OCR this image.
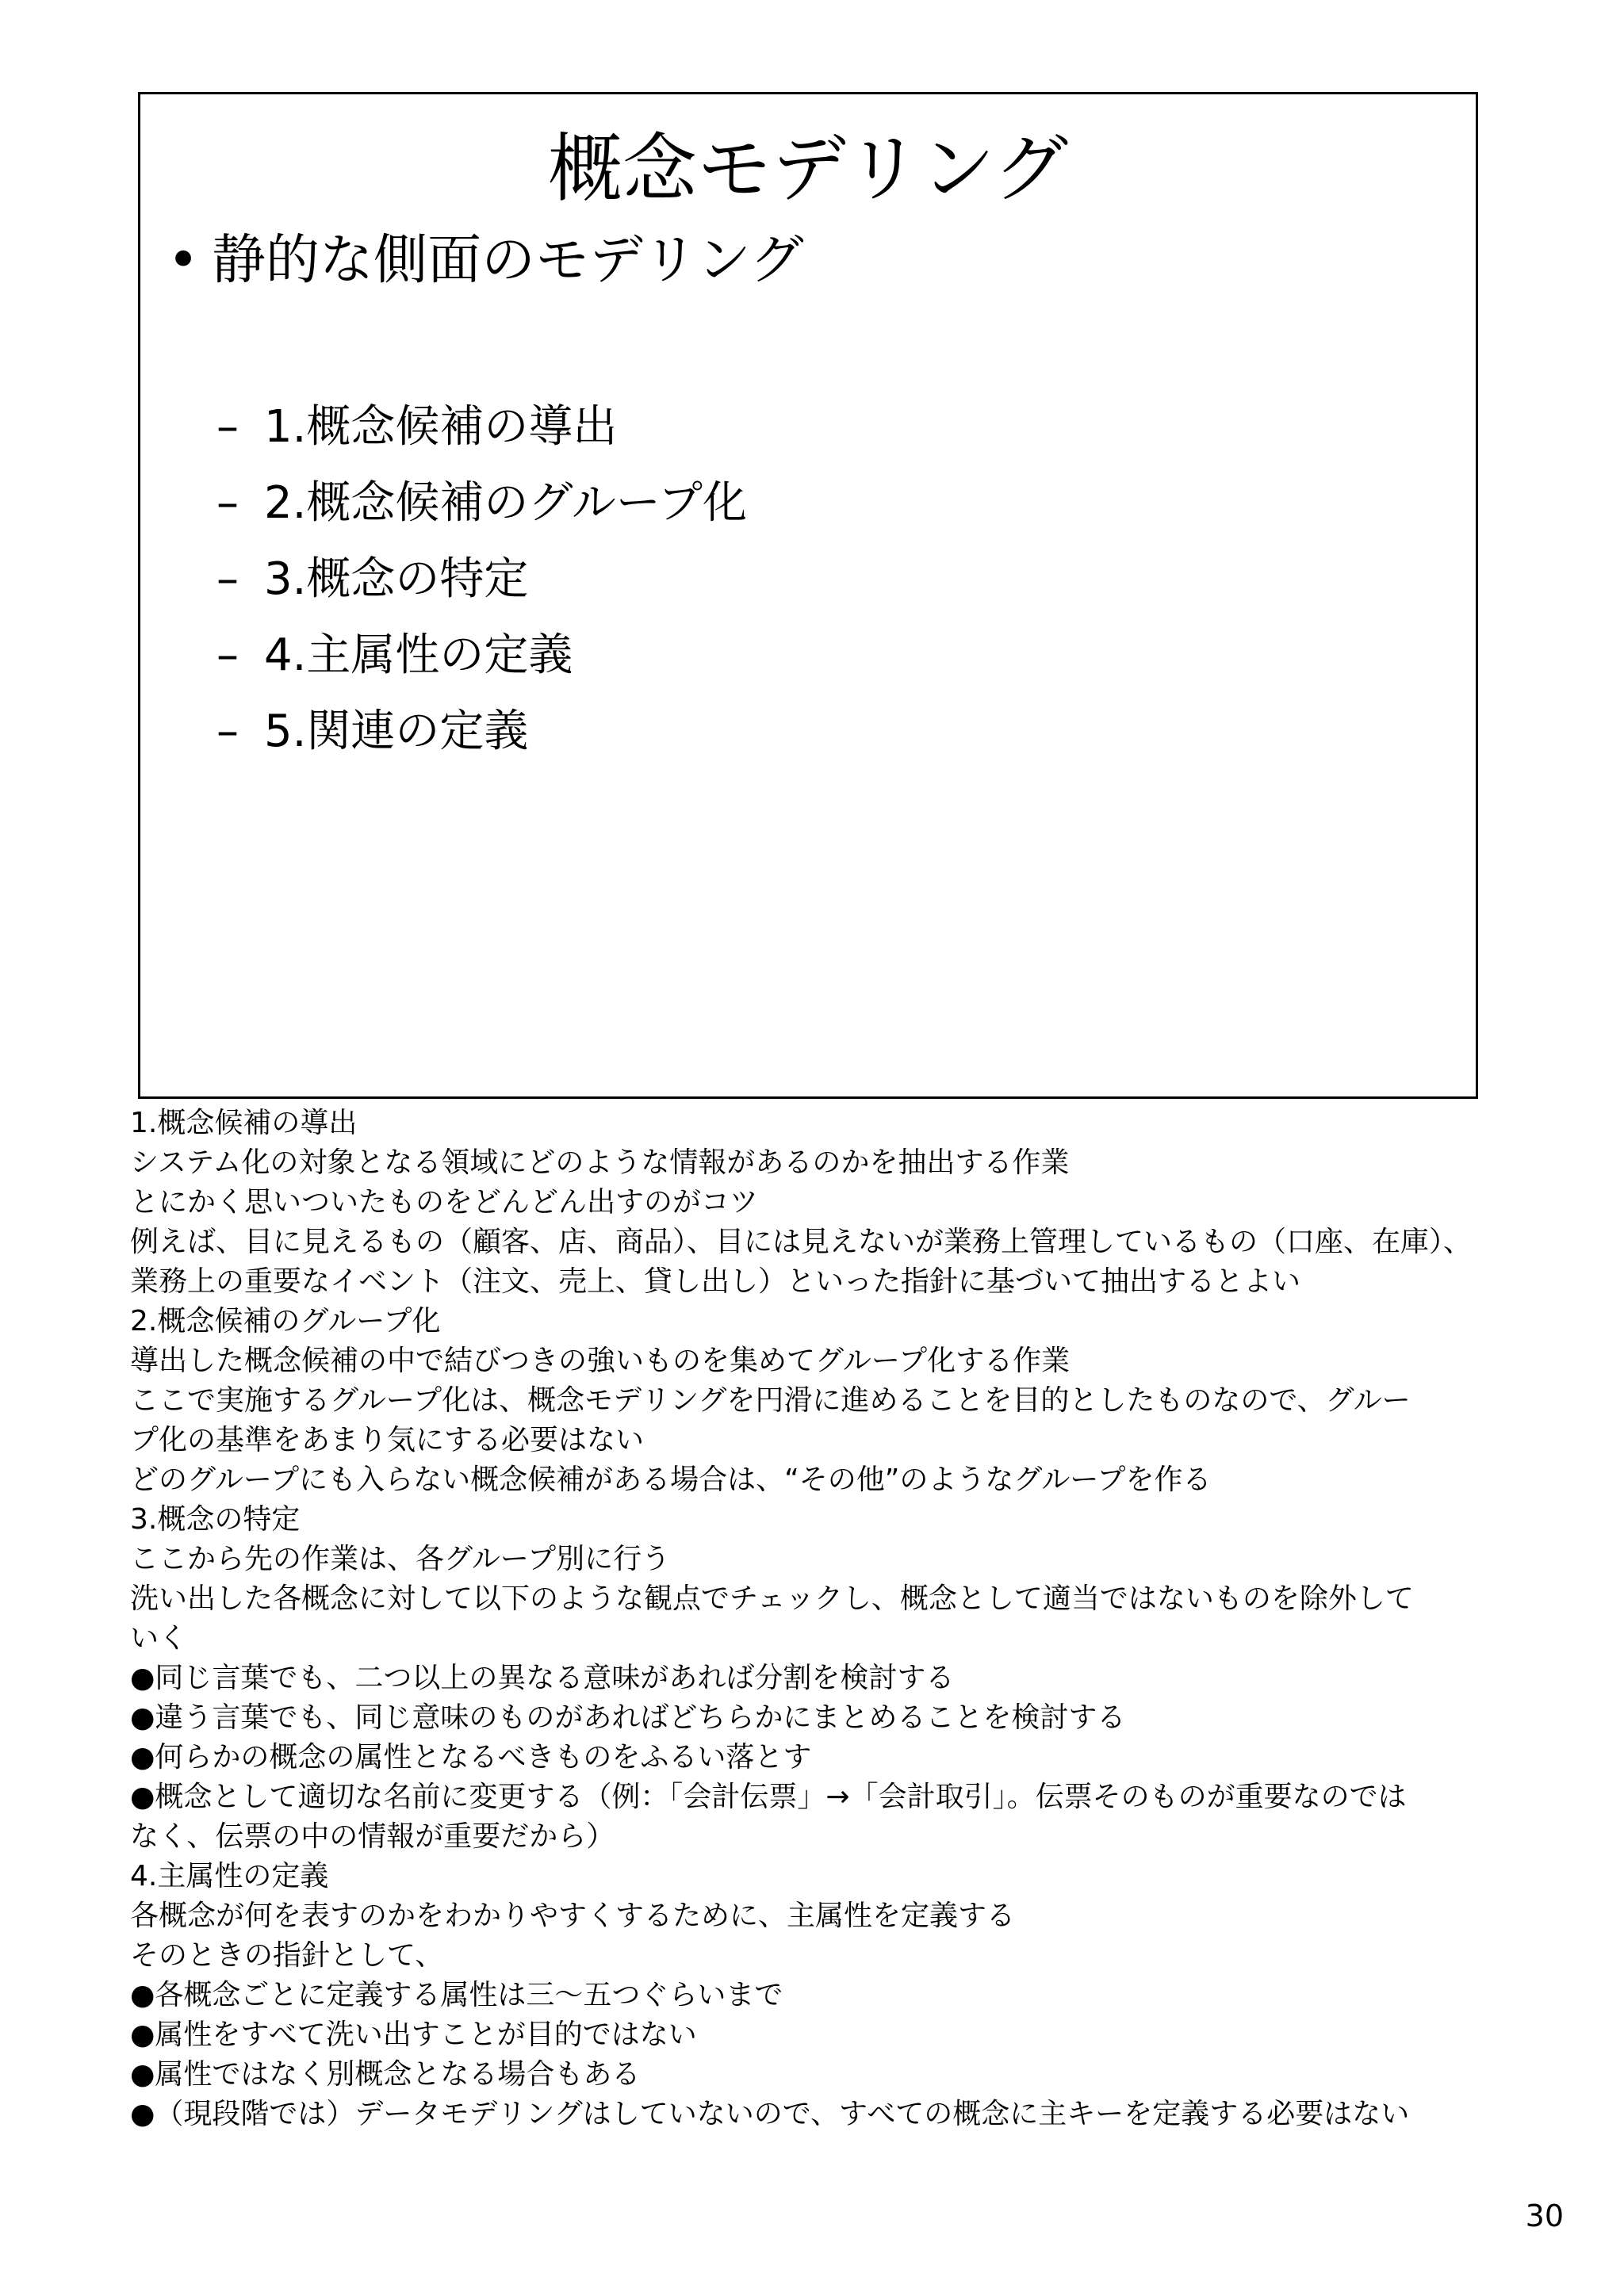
概念モデリング
• 静的な側面のモデリング
– 1.概念候補の導出
– 2.概念候補のグループ化
– 3.概念の特定
– 4.主属性の定義
– 5.関連の定義
1.概念候補の導出
システム化の対象となる領域にどのような情報があるのかを抽出する作業
とにかく思いついたものをどんどん出すのがコツ
例えば、目に見えるもの（顧客、店、商品）、目には見えないが業務上管理しているもの（口座、在庫）、
業務上の重要なイベント（注文、売上、貸し出し）といった指針に基づいて抽出するとよい
2.概念候補のグループ化
導出した概念候補の中で結びつきの強いものを集めてグループ化する作業
ここで実施するグループ化は、概念モデリングを円滑に進めることを目的としたものなので、グルー
プ化の基準をあまり気にする必要はない
どのグループにも入らない概念候補がある場合は、“その他”のようなグループを作る
3.概念の特定
ここから先の作業は、各グループ別に行う
洗い出した各概念に対して以下のような観点でチェックし、概念として適当ではないものを除外して
いく
●同じ言葉でも、二つ以上の異なる意味があれば分割を検討する
●違う言葉でも、同じ意味のものがあればどちらかにまとめることを検討する
●何らかの概念の属性となるべきものをふるい落とす
●概念として適切な名前に変更する（例：「会計伝票」→「会計取引」。伝票そのものが重要なのでは
なく、伝票の中の情報が重要だから）
4.主属性の定義
各概念が何を表すのかをわかりやすくするために、主属性を定義する
そのときの指針として、
●各概念ごとに定義する属性は三～五つぐらいまで
●属性をすべて洗い出すことが目的ではない
●属性ではなく別概念となる場合もある
●（現段階では）データモデリングはしていないので、すべての概念に主キーを定義する必要はない
30
